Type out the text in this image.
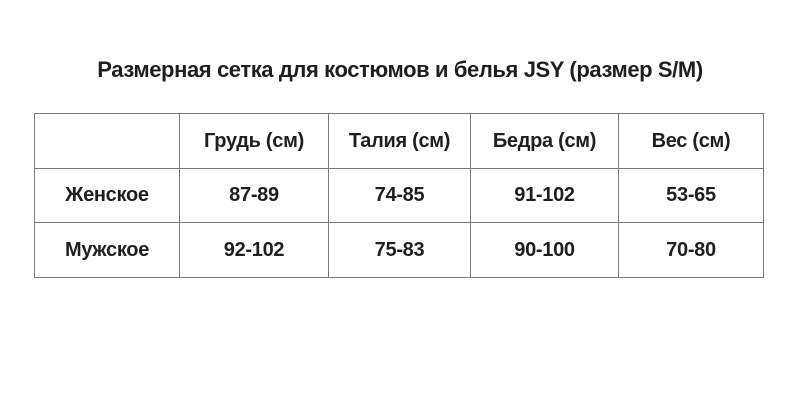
Размерная сетка для костюмов и белья JSY (размер S/M)
	Грудь (см)	Талия (см)	Бедра (см)	Вес (см)
Женское	87-89	74-85	91-102	53-65
Мужское	92-102	75-83	90-100	70-80
